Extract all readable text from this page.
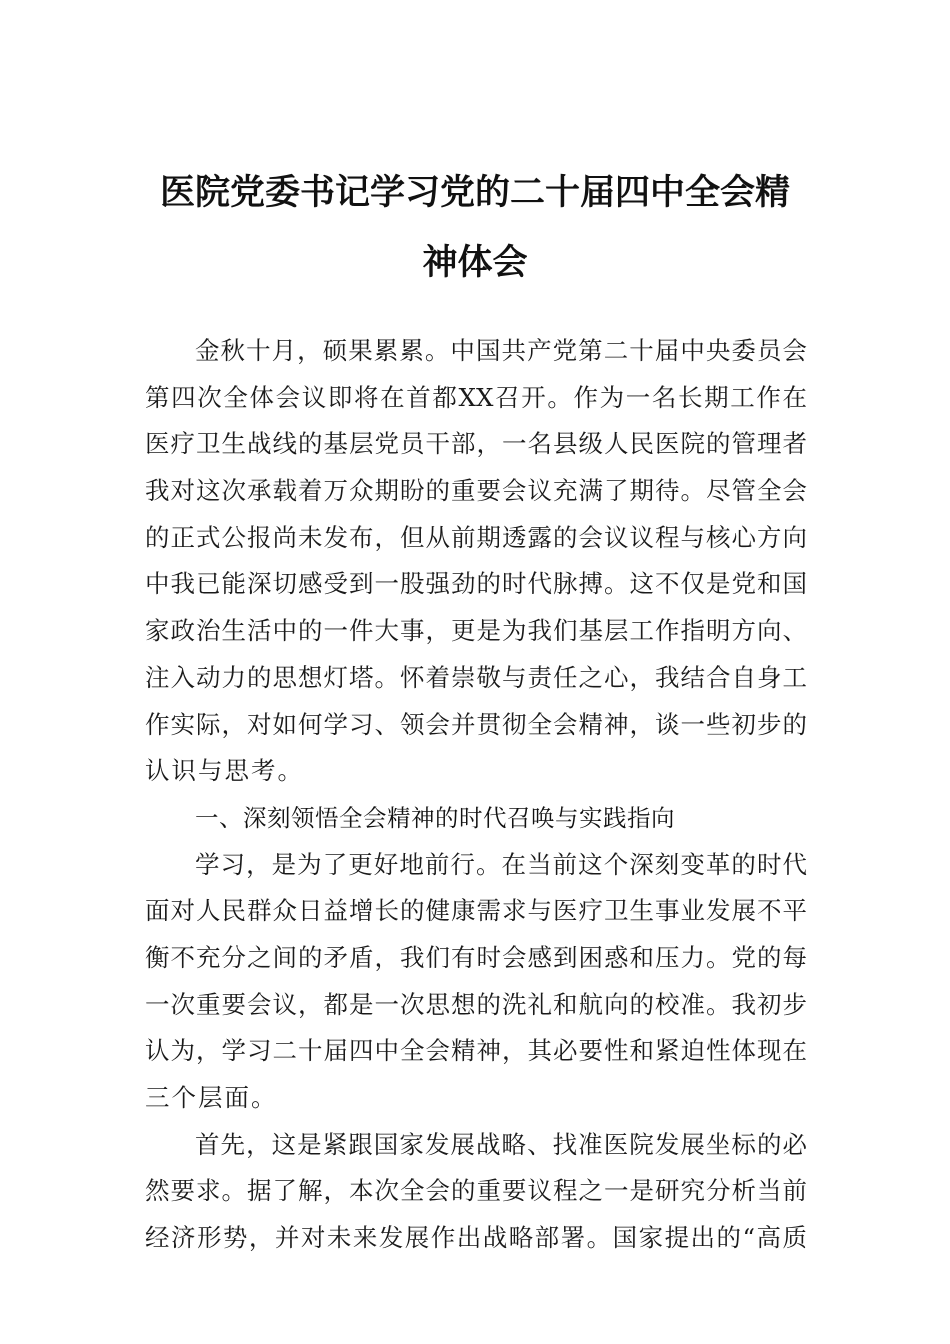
医院党委书记学习党的二十届四中全会精
神体会
金秋十月，硕果累累。中国共产党第二十届中央委员会
第四次全体会议即将在首都XX召开。作为一名长期工作在
医疗卫生战线的基层党员干部，一名县级人民医院的管理者
我对这次承载着万众期盼的重要会议充满了期待。尽管全会
的正式公报尚未发布，但从前期透露的会议议程与核心方向
中我已能深切感受到一股强劲的时代脉搏。这不仅是党和国
家政治生活中的一件大事，更是为我们基层工作指明方向、
注入动力的思想灯塔。怀着崇敬与责任之心，我结合自身工
作实际，对如何学习、领会并贯彻全会精神，谈一些初步的
认识与思考。
一、深刻领悟全会精神的时代召唤与实践指向
学习，是为了更好地前行。在当前这个深刻变革的时代
面对人民群众日益增长的健康需求与医疗卫生事业发展不平
衡不充分之间的矛盾，我们有时会感到困惑和压力。党的每
一次重要会议，都是一次思想的洗礼和航向的校准。我初步
认为，学习二十届四中全会精神，其必要性和紧迫性体现在
三个层面。
首先，这是紧跟国家发展战略、找准医院发展坐标的必
然要求。据了解，本次全会的重要议程之一是研究分析当前
经济形势，并对未来发展作出战略部署。国家提出的“高质
